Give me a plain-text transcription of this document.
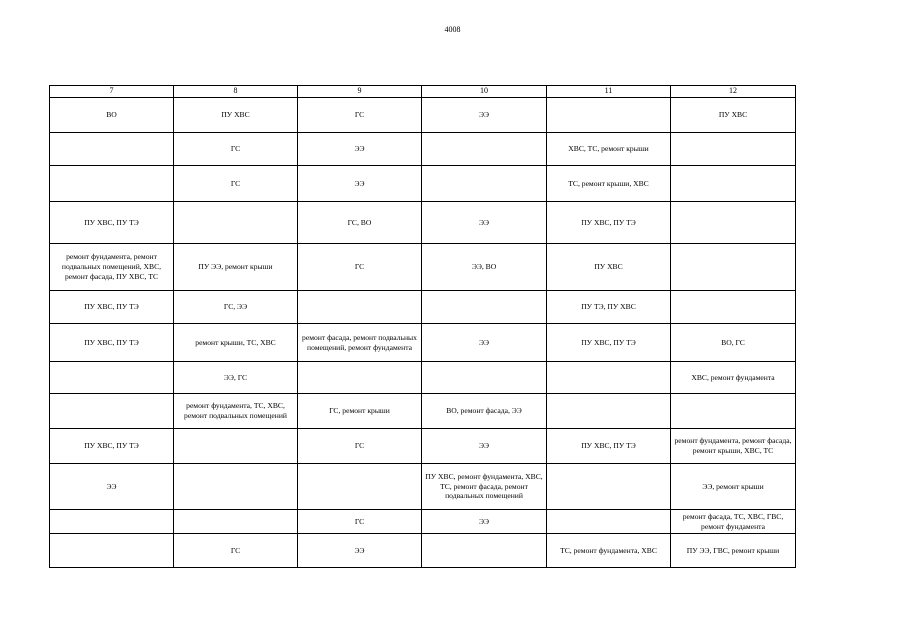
4008
7	8	9	10	11	12
ВО	ПУ ХВС	ГС	ЭЭ		ПУ ХВС
	ГС	ЭЭ		ХВС, ТС, ремонт крыши	
	ГС	ЭЭ		ТС, ремонт крыши, ХВС	
ПУ ХВС, ПУ ТЭ		ГС, ВО	ЭЭ	ПУ ХВС, ПУ ТЭ	
ремонт фундамента, ремонт подвальных помещений, ХВС, ремонт фасада, ПУ ХВС, ТС	ПУ ЭЭ, ремонт крыши	ГС	ЭЭ, ВО	ПУ ХВС	
ПУ ХВС, ПУ ТЭ	ГС, ЭЭ			ПУ ТЭ, ПУ ХВС	
ПУ ХВС, ПУ ТЭ	ремонт крыши, ТС, ХВС	ремонт фасада, ремонт подвальных помещений, ремонт фундамента	ЭЭ	ПУ ХВС, ПУ ТЭ	ВО, ГС
	ЭЭ, ГС				ХВС, ремонт фундамента
	ремонт фундамента, ТС, ХВС, ремонт подвальных помещений	ГС, ремонт крыши	ВО, ремонт фасада, ЭЭ		
ПУ ХВС, ПУ ТЭ		ГС	ЭЭ	ПУ ХВС, ПУ ТЭ	ремонт фундамента, ремонт фасада, ремонт крыши, ХВС, ТС
ЭЭ			ПУ ХВС, ремонт фундамента, ХВС, ТС, ремонт фасада, ремонт подвальных помещений		ЭЭ, ремонт крыши
		ГС	ЭЭ		ремонт фасада, ТС, ХВС, ГВС, ремонт фундамента
	ГС	ЭЭ		ТС, ремонт фундамента, ХВС	ПУ ЭЭ, ГВС, ремонт крыши
